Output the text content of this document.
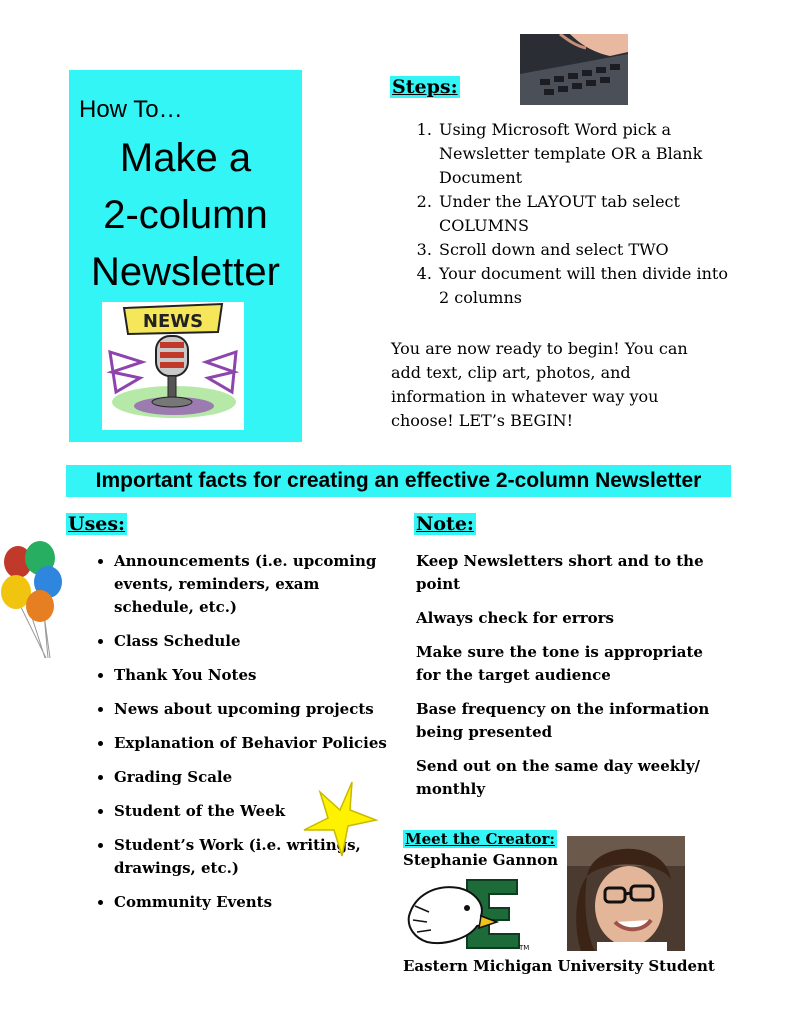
How To…
Make a
2-column
Newsletter
NEWS
Steps:
1. Using Microsoft Word pick a Newsletter template OR a Blank Document
2. Under the LAYOUT tab select COLUMNS
3. Scroll down and select TWO
4. Your document will then divide into 2 columns
You are now ready to begin! You can add text, clip art, photos, and information in whatever way you choose! LET’s BEGIN!
Important facts for creating an effective 2-column Newsletter
Uses:
• Announcements (i.e. upcoming events, reminders, exam schedule, etc.)
• Class Schedule
• Thank You Notes
• News about upcoming projects
• Explanation of Behavior Policies
• Grading Scale
• Student of the Week
• Student’s Work (i.e. writings, drawings, etc.)
• Community Events
Note:

Keep Newsletters short and to the point

Always check for errors

Make sure the tone is appropriate for the target audience

Base frequency on the information being presented

Send out on the same day weekly/ monthly

Meet the Creator:
Stephanie Gannon
TM
Eastern Michigan University Student
